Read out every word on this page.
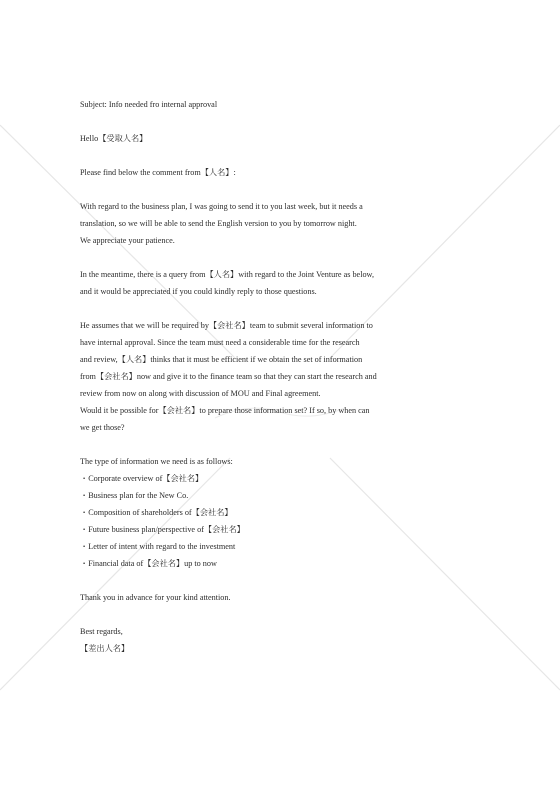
Subject: Info needed fro internal approval

Hello【受取人名】

Please find below the comment from【人名】:

With regard to the business plan, I was going to send it to you last week, but it needs a

translation, so we will be able to send the English version to you by tomorrow night.

We appreciate your patience.

In the meantime, there is a query from【人名】with regard to the Joint Venture as below,

and it would be appreciated if you could kindly reply to those questions.

He assumes that we will be required by【会社名】team to submit several information to

have internal approval. Since the team must need a considerable time for the research

and review,【人名】thinks that it must be efficient if we obtain the set of information

from【会社名】now and give it to the finance team so that they can start the research and

review from now on along with discussion of MOU and Final agreement.

Would it be possible for【会社名】to prepare those information set? If so, by when can

we get those?

The type of information we need is as follows:

・Corporate overview of【会社名】
・Business plan for the New Co.
・Composition of shareholders of【会社名】
・Future business plan/perspective of【会社名】
・Letter of intent with regard to the investment
・Financial data of【会社名】up to now

Thank you in advance for your kind attention.

Best regards,

【差出人名】
